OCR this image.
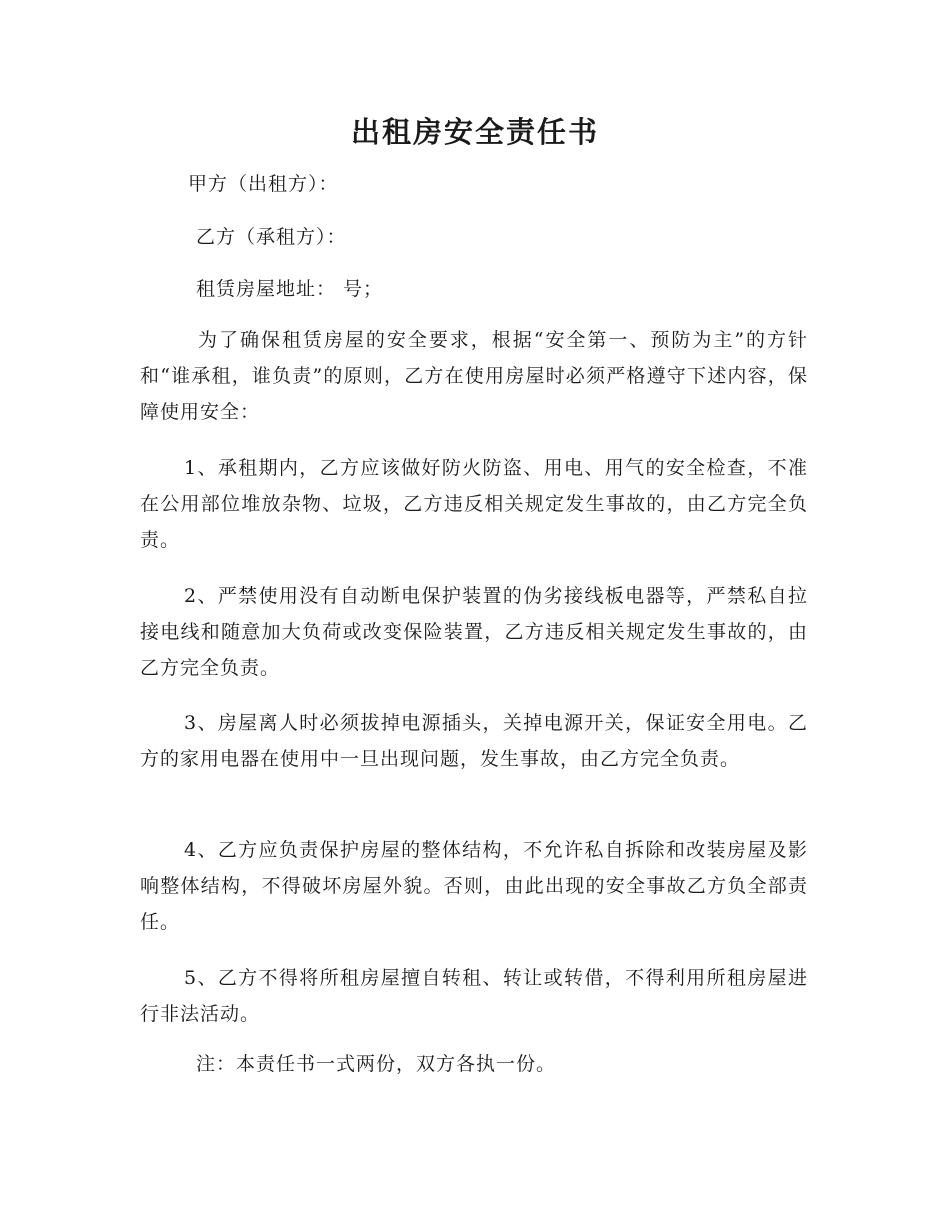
出租房安全责任书
甲方（出租方）：
乙方（承租方）：
租赁房屋地址： 号；
为了确保租赁房屋的安全要求，根据“安全第一、预防为主”的方针和“谁承租，谁负责”的原则，乙方在使用房屋时必须严格遵守下述内容，保障使用安全：
1、承租期内，乙方应该做好防火防盗、用电、用气的安全检查，不准在公用部位堆放杂物、垃圾，乙方违反相关规定发生事故的，由乙方完全负责。
2、严禁使用没有自动断电保护装置的伪劣接线板电器等，严禁私自拉接电线和随意加大负荷或改变保险装置，乙方违反相关规定发生事故的，由乙方完全负责。
3、房屋离人时必须拔掉电源插头，关掉电源开关，保证安全用电。乙方的家用电器在使用中一旦出现问题，发生事故，由乙方完全负责。
4、乙方应负责保护房屋的整体结构，不允许私自拆除和改装房屋及影响整体结构，不得破坏房屋外貌。否则，由此出现的安全事故乙方负全部责任。
5、乙方不得将所租房屋擅自转租、转让或转借，不得利用所租房屋进行非法活动。
注：本责任书一式两份，双方各执一份。
